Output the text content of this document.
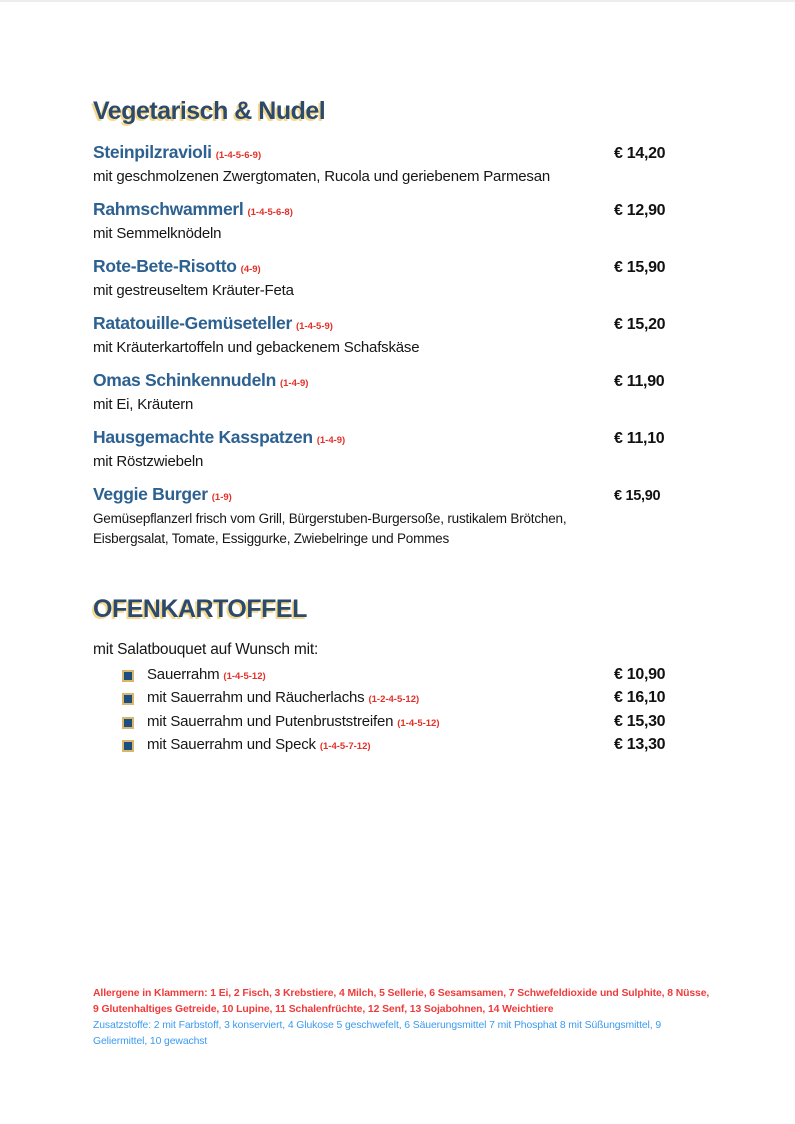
Vegetarisch & Nudel
Steinpilzravioli (1-4-5-6-9)	€ 14,20
mit geschmolzenen Zwergtomaten, Rucola und geriebenem Parmesan
Rahmschwammerl (1-4-5-6-8)	€ 12,90
mit Semmelknödeln
Rote-Bete-Risotto (4-9)	€ 15,90
mit gestreuseltem Kräuter-Feta
Ratatouille-Gemüseteller (1-4-5-9)	€ 15,20
mit Kräuterkartoffeln und gebackenem Schafskäse
Omas Schinkennudeln (1-4-9)	€ 11,90
mit Ei, Kräutern
Hausgemachte Kasspatzen (1-4-9)	€ 11,10
mit Röstzwiebeln
Veggie Burger (1-9)	€ 15,90
Gemüsepflanzerl frisch vom Grill, Bürgerstuben-Burgersoße, rustikalem Brötchen, Eisbergsalat, Tomate, Essiggurke, Zwiebelringe und Pommes
OFENKARTOFFEL

mit Salatbouquet auf Wunsch mit:

Sauerrahm (1-4-5-12)	€ 10,90
mit Sauerrahm und Räucherlachs (1-2-4-5-12)	€ 16,10
mit Sauerrahm und Putenbruststreifen (1-4-5-12)	€ 15,30
mit Sauerrahm und Speck (1-4-5-7-12)	€ 13,30

Allergene in Klammern: 1 Ei, 2 Fisch, 3 Krebstiere, 4 Milch, 5 Sellerie, 6 Sesamsamen, 7 Schwefeldioxide und Sulphite, 8 Nüsse, 9 Glutenhaltiges Getreide, 10 Lupine, 11 Schalenfrüchte, 12 Senf, 13 Sojabohnen, 14 Weichtiere

Zusatzstoffe: 2 mit Farbstoff, 3 konserviert, 4 Glukose 5 geschwefelt, 6 Säuerungsmittel 7 mit Phosphat 8 mit Süßungsmittel, 9 Geliermittel, 10 gewachst
